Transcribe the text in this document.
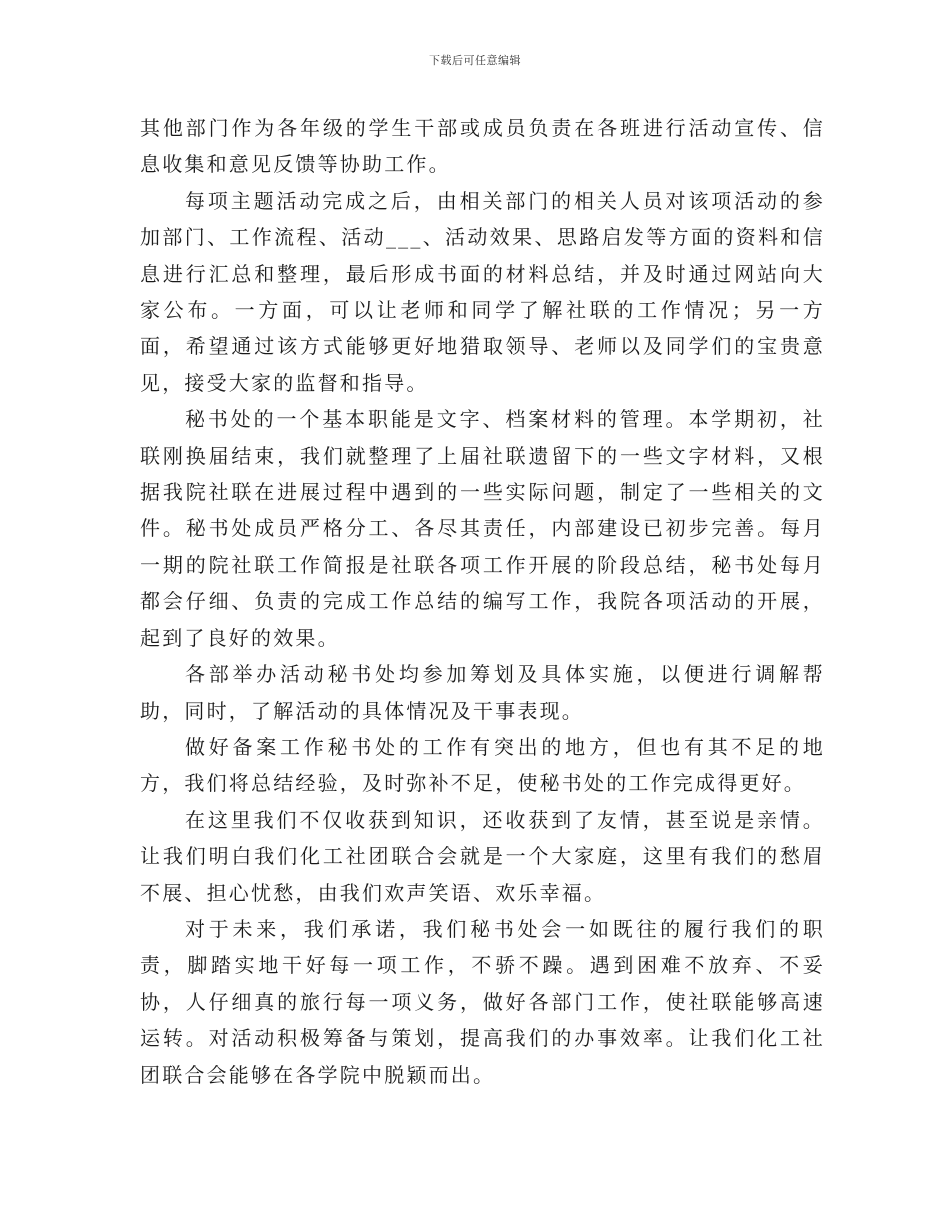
下载后可任意编辑

其他部门作为各年级的学生干部或成员负责在各班进行活动宣传、信息收集和意见反馈等协助工作。

每项主题活动完成之后，由相关部门的相关人员对该项活动的参加部门、工作流程、活动___、活动效果、思路启发等方面的资料和信息进行汇总和整理，最后形成书面的材料总结，并及时通过网站向大家公布。一方面，可以让老师和同学了解社联的工作情况；另一方面，希望通过该方式能够更好地猎取领导、老师以及同学们的宝贵意见，接受大家的监督和指导。

秘书处的一个基本职能是文字、档案材料的管理。本学期初，社联刚换届结束，我们就整理了上届社联遗留下的一些文字材料，又根据我院社联在进展过程中遇到的一些实际问题，制定了一些相关的文件。秘书处成员严格分工、各尽其责任，内部建设已初步完善。每月一期的院社联工作简报是社联各项工作开展的阶段总结，秘书处每月都会仔细、负责的完成工作总结的编写工作，我院各项活动的开展，起到了良好的效果。

各部举办活动秘书处均参加筹划及具体实施，以便进行调解帮助，同时，了解活动的具体情况及干事表现。

做好备案工作秘书处的工作有突出的地方，但也有其不足的地方，我们将总结经验，及时弥补不足，使秘书处的工作完成得更好。

在这里我们不仅收获到知识，还收获到了友情，甚至说是亲情。让我们明白我们化工社团联合会就是一个大家庭，这里有我们的愁眉不展、担心忧愁，由我们欢声笑语、欢乐幸福。

对于未来，我们承诺，我们秘书处会一如既往的履行我们的职责，脚踏实地干好每一项工作，不骄不躁。遇到困难不放弃、不妥协，人仔细真的旅行每一项义务，做好各部门工作，使社联能够高速运转。对活动积极筹备与策划，提高我们的办事效率。让我们化工社团联合会能够在各学院中脱颖而出。
